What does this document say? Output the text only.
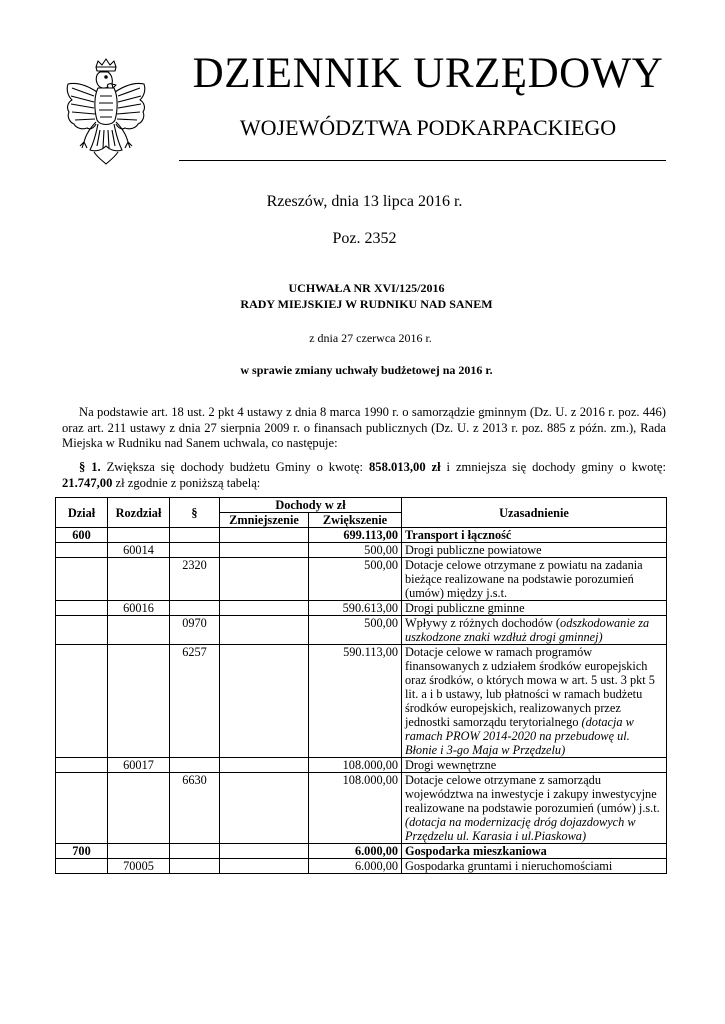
DZIENNIK URZĘDOWY
WOJEWÓDZTWA PODKARPACKIEGO
Rzeszów, dnia 13 lipca 2016 r.
Poz. 2352
UCHWAŁA NR XVI/125/2016
RADY MIEJSKIEJ W RUDNIKU NAD SANEM
z dnia 27 czerwca 2016 r.
w sprawie zmiany uchwały budżetowej na 2016 r.

Na podstawie art. 18 ust. 2 pkt 4 ustawy z dnia 8 marca 1990 r. o samorządzie gminnym (Dz. U. z 2016 r. poz. 446) oraz art. 211 ustawy z dnia 27 sierpnia 2009 r. o finansach publicznych (Dz. U. z 2013 r. poz. 885 z późn. zm.), Rada Miejska w Rudniku nad Sanem uchwala, co następuje:

§ 1. Zwiększa się dochody budżetu Gminy o kwotę: 858.013,00 zł i zmniejsza się dochody gminy o kwotę: 21.747,00 zł zgodnie z poniższą tabelą:

Dział	Rozdział	§	Dochody w zł		Uzasadnienie
			Zmniejszenie	Zwiększenie	
600				699.113,00	Transport i łączność
	60014			500,00	Drogi publiczne powiatowe
		2320		500,00	Dotacje celowe otrzymane z powiatu na zadania bieżące realizowane na podstawie porozumień (umów) między j.s.t.
	60016			590.613,00	Drogi publiczne gminne
		0970		500,00	Wpływy z różnych dochodów (odszkodowanie za uszkodzone znaki wzdłuż drogi gminnej)
		6257		590.113,00	Dotacje celowe w ramach programów finansowanych z udziałem środków europejskich oraz środków, o których mowa w art. 5 ust. 3 pkt 5 lit. a i b ustawy, lub płatności w ramach budżetu środków europejskich, realizowanych przez jednostki samorządu terytorialnego (dotacja w ramach PROW 2014-2020 na przebudowę ul. Błonie i 3-go Maja w Przędzelu)
	60017			108.000,00	Drogi wewnętrzne
		6630		108.000,00	Dotacje celowe otrzymane z samorządu województwa na inwestycje i zakupy inwestycyjne realizowane na podstawie porozumień (umów) j.s.t. (dotacja na modernizację dróg dojazdowych w Przędzelu ul. Karasia i ul.Piaskowa)
700				6.000,00	Gospodarka mieszkaniowa
	70005			6.000,00	Gospodarka gruntami i nieruchomościami
